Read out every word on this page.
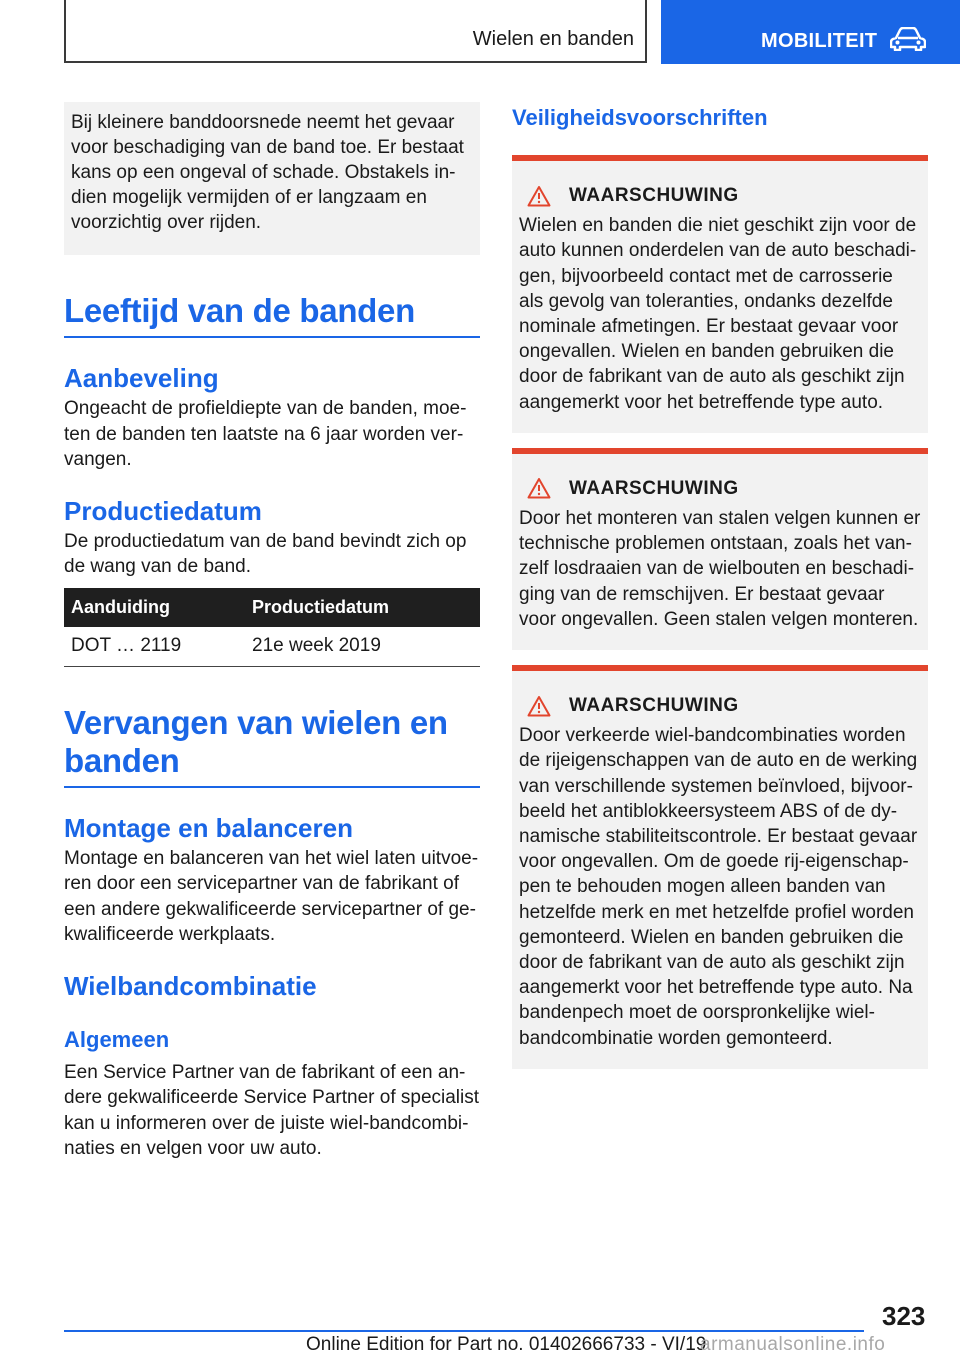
Wielen en banden	MOBILITEIT
Bij kleinere banddoorsnede neemt het gevaar voor beschadiging van de band toe. Er bestaat kans op een ongeval of schade. Obstakels in‐ dien mogelijk vermijden of er langzaam en voorzichtig over rijden.
Leeftijd van de banden
Aanbeveling

Ongeacht de profieldiepte van de banden, moe‐ ten de banden ten laatste na 6 jaar worden ver‐ vangen.

Productiedatum

De productiedatum van de band bevindt zich op de wang van de band.

Aanduiding	Productiedatum
DOT … 2119	21e week 2019
Vervangen van wielen en banden
Montage en balanceren

Montage en balanceren van het wiel laten uitvoe‐ ren door een servicepartner van de fabrikant of een andere gekwalificeerde servicepartner of ge‐ kwalificeerde werkplaats.

Wielbandcombinatie
Algemeen

Een Service Partner van de fabrikant of een an‐ dere gekwalificeerde Service Partner of specialist kan u informeren over de juiste wiel-bandcombi‐ naties en velgen voor uw auto.

Veiligheidsvoorschriften
WAARSCHUWING
Wielen en banden die niet geschikt zijn voor de auto kunnen onderdelen van de auto beschadi‐ gen, bijvoorbeeld contact met de carrosserie als gevolg van toleranties, ondanks dezelfde nominale afmetingen. Er bestaat gevaar voor ongevallen. Wielen en banden gebruiken die door de fabrikant van de auto als geschikt zijn aangemerkt voor het betreffende type auto.
WAARSCHUWING
Door het monteren van stalen velgen kunnen er technische problemen ontstaan, zoals het van‐ zelf losdraaien van de wielbouten en beschadi‐ ging van de remschijven. Er bestaat gevaar voor ongevallen. Geen stalen velgen monteren.
WAARSCHUWING
Door verkeerde wiel-bandcombinaties worden de rijeigenschappen van de auto en de werking van verschillende systemen beïnvloed, bijvoor‐ beeld het antiblokkeersysteem ABS of de dy‐ namische stabiliteitscontrole. Er bestaat gevaar voor ongevallen. Om de goede rij-eigenschap‐ pen te behouden mogen alleen banden van hetzelfde merk en met hetzelfde profiel worden gemonteerd. Wielen en banden gebruiken die door de fabrikant van de auto als geschikt zijn aangemerkt voor het betreffende type auto. Na bandenpech moet de oorspronkelijke wiel- bandcombinatie worden gemonteerd.
323
Online Edition for Part no. 01402666733 - VI/19
armanualsonline.info
